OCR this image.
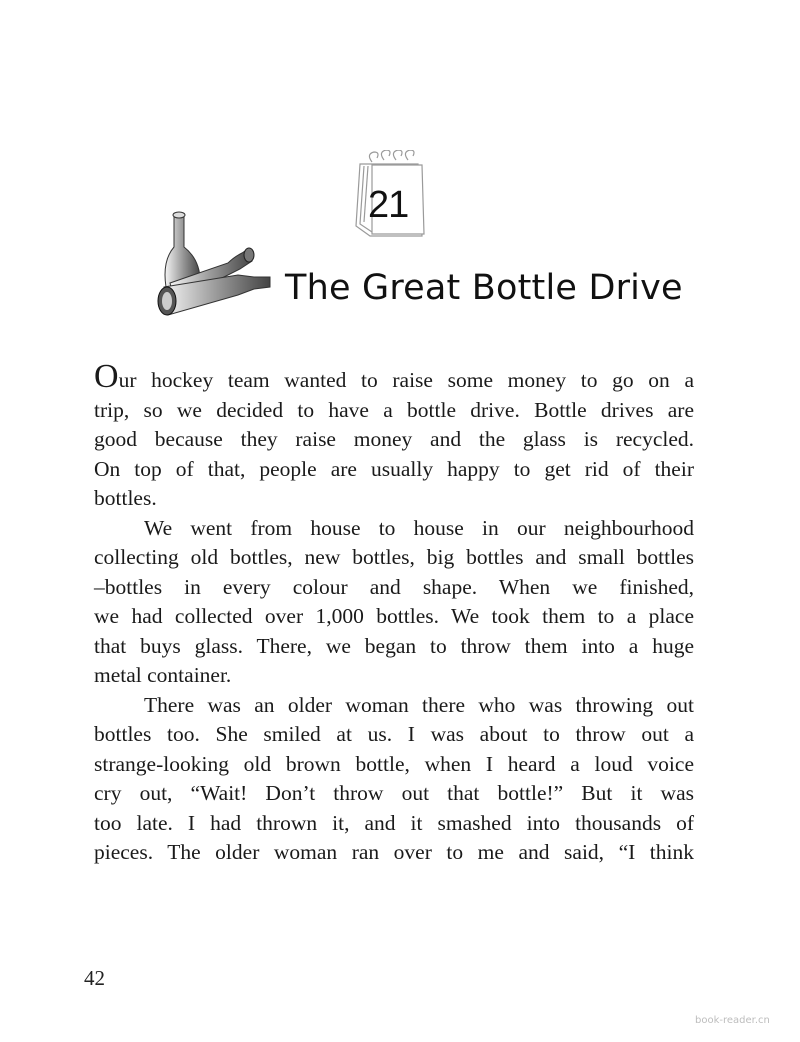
21
The Great Bottle Drive
Our hockey team wanted to raise some money to go on a
trip, so we decided to have a bottle drive. Bottle drives are
good because they raise money and the glass is recycled.
On top of that, people are usually happy to get rid of their
bottles.
We went from house to house in our neighbourhood
collecting old bottles, new bottles, big bottles and small bottles
–bottles in every colour and shape. When we finished,
we had collected over 1,000 bottles. We took them to a place
that buys glass. There, we began to throw them into a huge
metal container.
There was an older woman there who was throwing out
bottles too. She smiled at us. I was about to throw out a
strange-looking old brown bottle, when I heard a loud voice
cry out, “Wait! Don’t throw out that bottle!” But it was
too late. I had thrown it, and it smashed into thousands of
pieces. The older woman ran over to me and said, “I think
42
book-reader.cn
